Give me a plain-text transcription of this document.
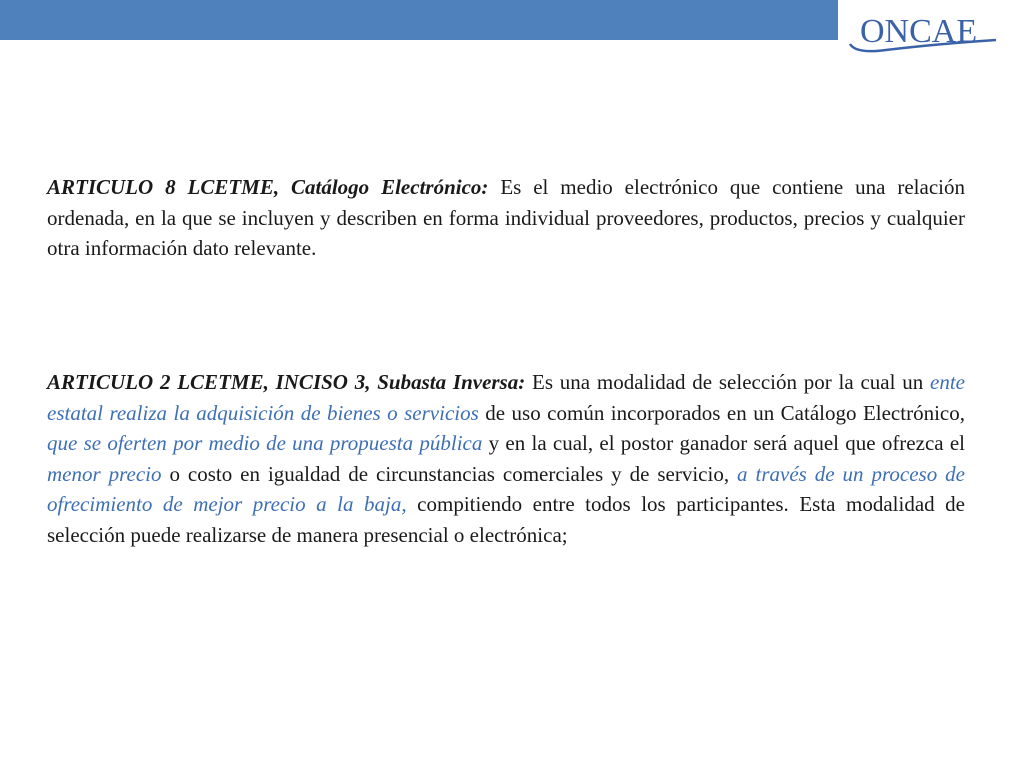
ONCAE

ARTICULO 8 LCETME, Catálogo Electrónico: Es el medio electrónico que contiene una relación ordenada, en la que se incluyen y describen en forma individual proveedores, productos, precios y cualquier otra información dato relevante.

ARTICULO 2 LCETME, INCISO 3, Subasta Inversa: Es una modalidad de selección por la cual un ente estatal realiza la adquisición de bienes o servicios de uso común incorporados en un Catálogo Electrónico, que se oferten por medio de una propuesta pública y en la cual, el postor ganador será aquel que ofrezca el menor precio o costo en igualdad de circunstancias comerciales y de servicio, a través de un proceso de ofrecimiento de mejor precio a la baja, compitiendo entre todos los participantes. Esta modalidad de selección puede realizarse de manera presencial o electrónica;
